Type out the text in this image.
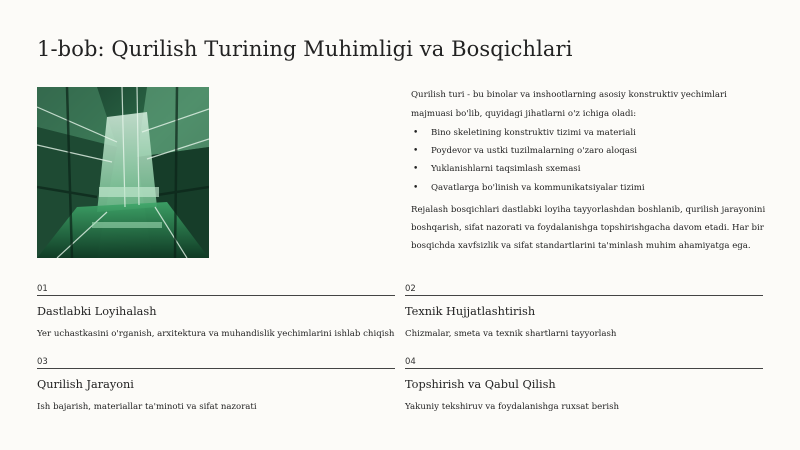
1-bob: Qurilish Turining Muhimligi va Bosqichlari

Qurilish turi - bu binolar va inshootlarning asosiy konstruktiv yechimlari majmuasi bo'lib, quyidagi jihatlarni o'z ichiga oladi:

• Bino skeletining konstruktiv tizimi va materiali
• Poydevor va ustki tuzilmalarning o'zaro aloqasi
• Yuklanishlarni taqsimlash sxemasi
• Qavatlarga bo'linish va kommunikatsiyalar tizimi

Rejalash bosqichlari dastlabki loyiha tayyorlashdan boshlanib, qurilish jarayonini boshqarish, sifat nazorati va foydalanishga topshirishgacha davom etadi. Har bir bosqichda xavfsizlik va sifat standartlarini ta'minlash muhim ahamiyatga ega.

01
Dastlabki Loyihalash
Yer uchastkasini o'rganish, arxitektura va muhandislik yechimlarini ishlab chiqish
02
Texnik Hujjatlashtirish
Chizmalar, smeta va texnik shartlarni tayyorlash
03
Qurilish Jarayoni
Ish bajarish, materiallar ta'minoti va sifat nazorati
04
Topshirish va Qabul Qilish
Yakuniy tekshiruv va foydalanishga ruxsat berish
